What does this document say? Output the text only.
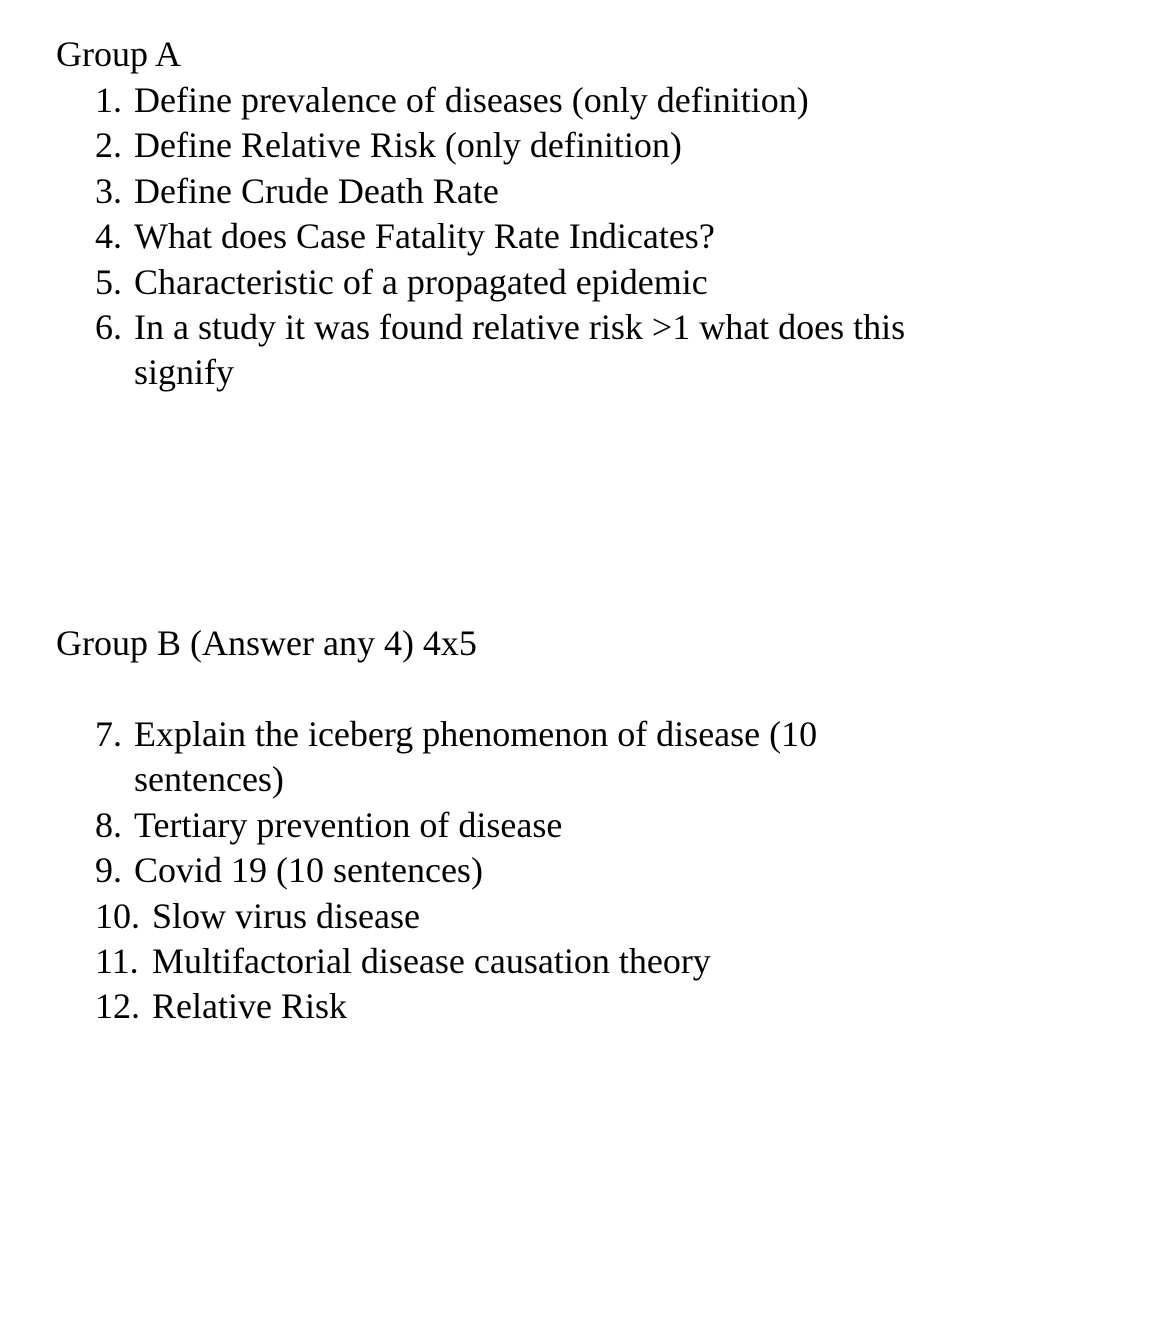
Group A
1. Define prevalence of diseases (only definition)
2. Define Relative Risk (only definition)
3. Define Crude Death Rate
4. What does Case Fatality Rate Indicates?
5. Characteristic of a propagated epidemic
6. In a study it was found relative risk >1 what does this signify
Group B (Answer any 4) 4x5
7. Explain the iceberg phenomenon of disease (10 sentences)
8. Tertiary prevention of disease
9. Covid 19 (10 sentences)
10. Slow virus disease
11. Multifactorial disease causation theory
12. Relative Risk
